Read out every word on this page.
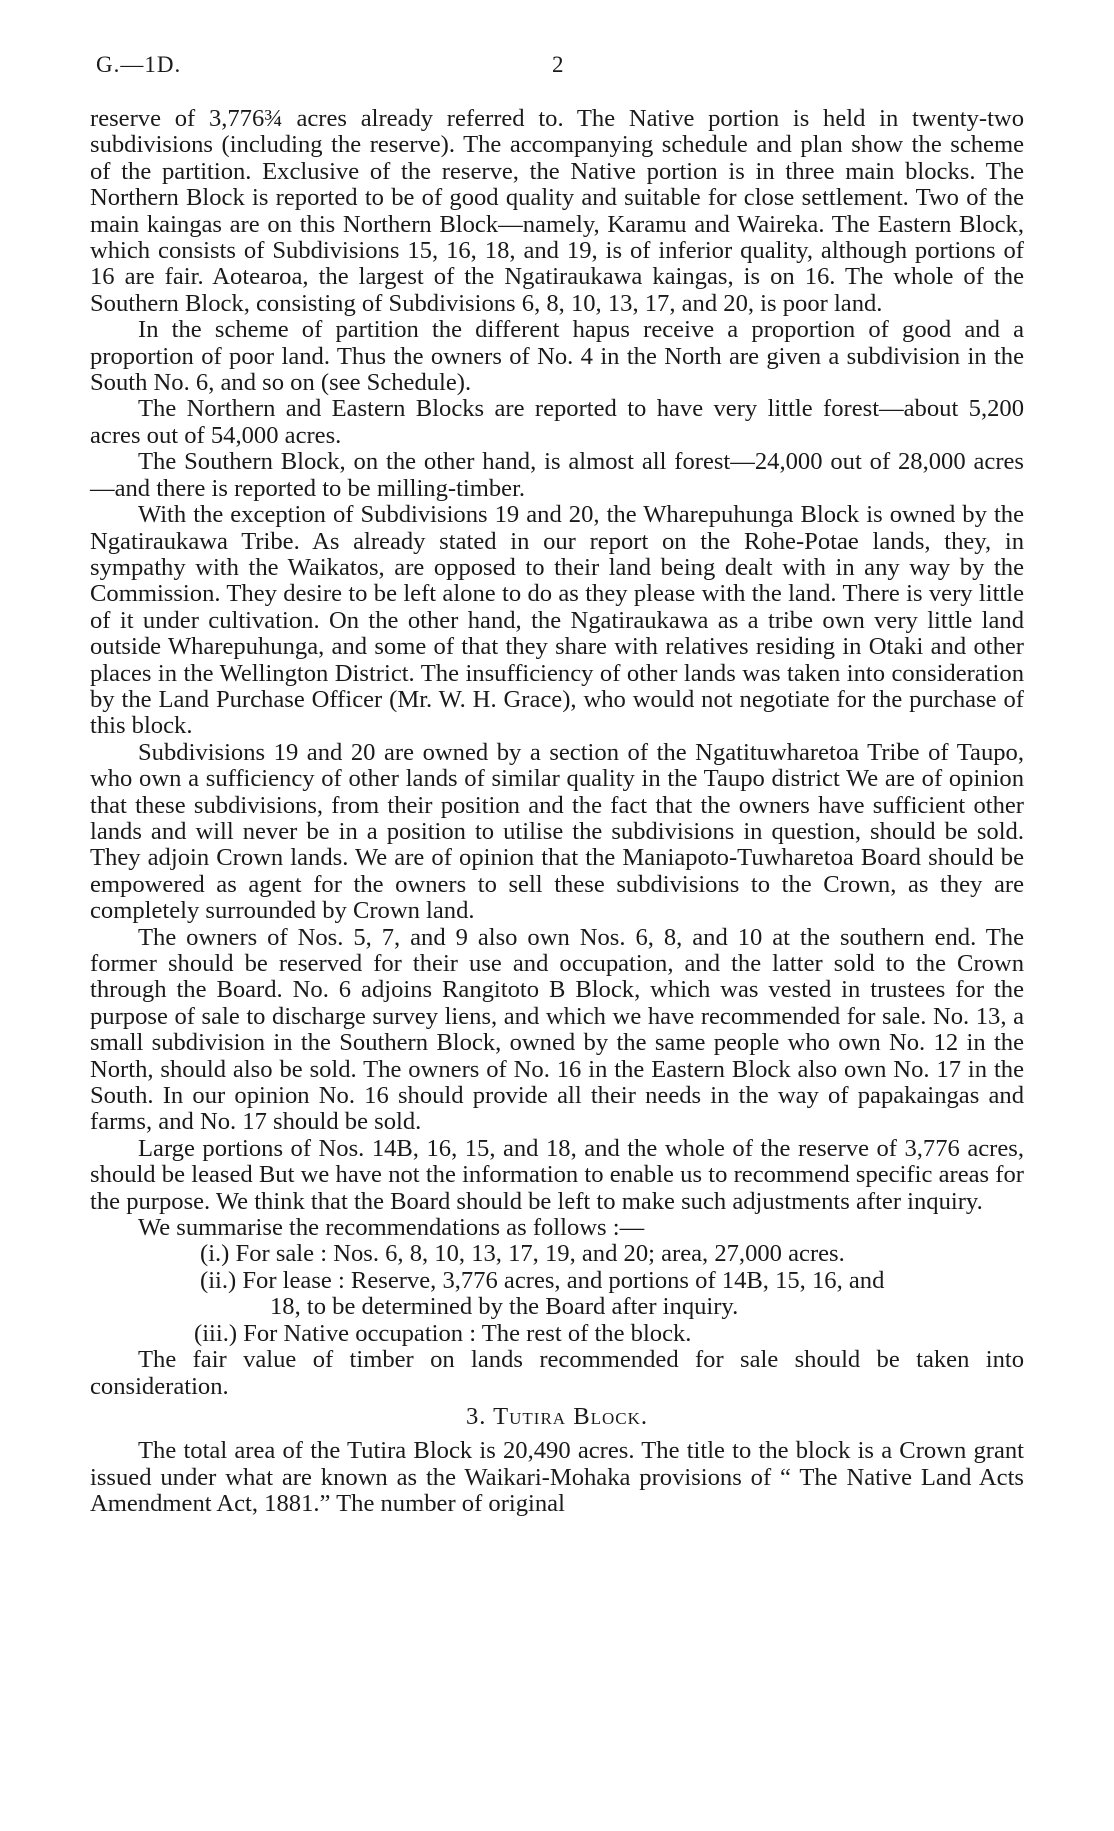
G.—1D.	2

reserve of 3,776¾ acres already referred to. The Native portion is held in twenty-two subdivisions (including the reserve). The accompanying schedule and plan show the scheme of the partition. Exclusive of the reserve, the Native portion is in three main blocks. The Northern Block is reported to be of good quality and suitable for close settlement. Two of the main kaingas are on this Northern Block—namely, Karamu and Waireka. The Eastern Block, which consists of Subdivisions 15, 16, 18, and 19, is of inferior quality, although portions of 16 are fair. Aotearoa, the largest of the Ngatiraukawa kaingas, is on 16. The whole of the Southern Block, consisting of Subdivisions 6, 8, 10, 13, 17, and 20, is poor land.

In the scheme of partition the different hapus receive a proportion of good and a proportion of poor land. Thus the owners of No. 4 in the North are given a subdivision in the South No. 6, and so on (see Schedule).

The Northern and Eastern Blocks are reported to have very little forest—about 5,200 acres out of 54,000 acres.

The Southern Block, on the other hand, is almost all forest—24,000 out of 28,000 acres—and there is reported to be milling-timber.

With the exception of Subdivisions 19 and 20, the Wharepuhunga Block is owned by the Ngatiraukawa Tribe. As already stated in our report on the Rohe-Potae lands, they, in sympathy with the Waikatos, are opposed to their land being dealt with in any way by the Commission. They desire to be left alone to do as they please with the land. There is very little of it under cultivation. On the other hand, the Ngatiraukawa as a tribe own very little land outside Wharepuhunga, and some of that they share with relatives residing in Otaki and other places in the Wellington District. The insufficiency of other lands was taken into consideration by the Land Purchase Officer (Mr. W. H. Grace), who would not negotiate for the purchase of this block.

Subdivisions 19 and 20 are owned by a section of the Ngatituwharetoa Tribe of Taupo, who own a sufficiency of other lands of similar quality in the Taupo district We are of opinion that these subdivisions, from their position and the fact that the owners have sufficient other lands and will never be in a position to utilise the subdivisions in question, should be sold. They adjoin Crown lands. We are of opinion that the Maniapoto-Tuwharetoa Board should be empowered as agent for the owners to sell these subdivisions to the Crown, as they are completely surrounded by Crown land.

The owners of Nos. 5, 7, and 9 also own Nos. 6, 8, and 10 at the southern end. The former should be reserved for their use and occupation, and the latter sold to the Crown through the Board. No. 6 adjoins Rangitoto B Block, which was vested in trustees for the purpose of sale to discharge survey liens, and which we have recommended for sale. No. 13, a small subdivision in the Southern Block, owned by the same people who own No. 12 in the North, should also be sold. The owners of No. 16 in the Eastern Block also own No. 17 in the South. In our opinion No. 16 should provide all their needs in the way of papakaingas and farms, and No. 17 should be sold.

Large portions of Nos. 14B, 16, 15, and 18, and the whole of the reserve of 3,776 acres, should be leased But we have not the information to enable us to recommend specific areas for the purpose. We think that the Board should be left to make such adjustments after inquiry.

We summarise the recommendations as follows :—

(i.) For sale : Nos. 6, 8, 10, 13, 17, 19, and 20; area, 27,000 acres.
(ii.) For lease : Reserve, 3,776 acres, and portions of 14B, 15, 16, and
18, to be determined by the Board after inquiry.
(iii.) For Native occupation : The rest of the block.

The fair value of timber on lands recommended for sale should be taken into consideration.

3. Tutira Block.

The total area of the Tutira Block is 20,490 acres. The title to the block is a Crown grant issued under what are known as the Waikari-Mohaka provisions of “ The Native Land Acts Amendment Act, 1881.” The number of original
